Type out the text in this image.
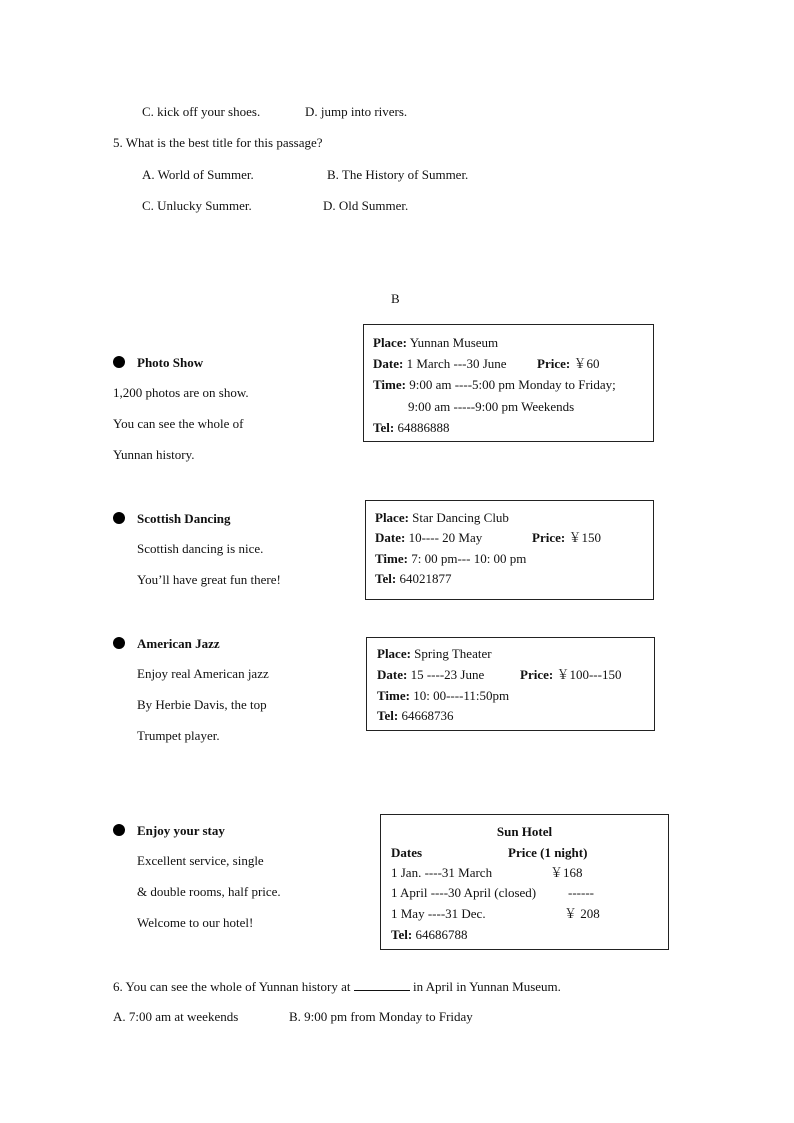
C. kick off your shoes.	D. jump into rivers.
5. What is the best title for this passage?
A. World of Summer.	B. The History of Summer.
C. Unlucky Summer.	D. Old Summer.
B
Photo Show
1,200 photos are on show.
You can see the whole of
Yunnan history.
Place: Yunnan Museum
Date: 1 March ---30 June Price: ￥60
Time: 9:00 am ----5:00 pm Monday to Friday;
9:00 am -----9:00 pm Weekends
Tel: 64886888
Scottish Dancing
Scottish dancing is nice.
You’ll have great fun there!
Place: Star Dancing Club
Date: 10---- 20 May	Price: ￥150
Time: 7: 00 pm--- 10: 00 pm
Tel: 64021877
American Jazz
Enjoy real American jazz
By Herbie Davis, the top
Trumpet player.
Place: Spring Theater
Date: 15 ----23 June	Price: ￥100---150
Time: 10: 00----11:50pm
Tel: 64668736
Enjoy your stay
Excellent service, single
& double rooms, half price.
Welcome to our hotel!
Sun Hotel
Dates	Price (1 night)
1 Jan. ----31 March	￥168
1 April ----30 April (closed) ------
1 May ----31 Dec.	￥ 208
Tel: 64686788
6. You can see the whole of Yunnan history at	in April in Yunnan Museum.
A. 7:00 am at weekends	B. 9:00 pm from Monday to Friday
